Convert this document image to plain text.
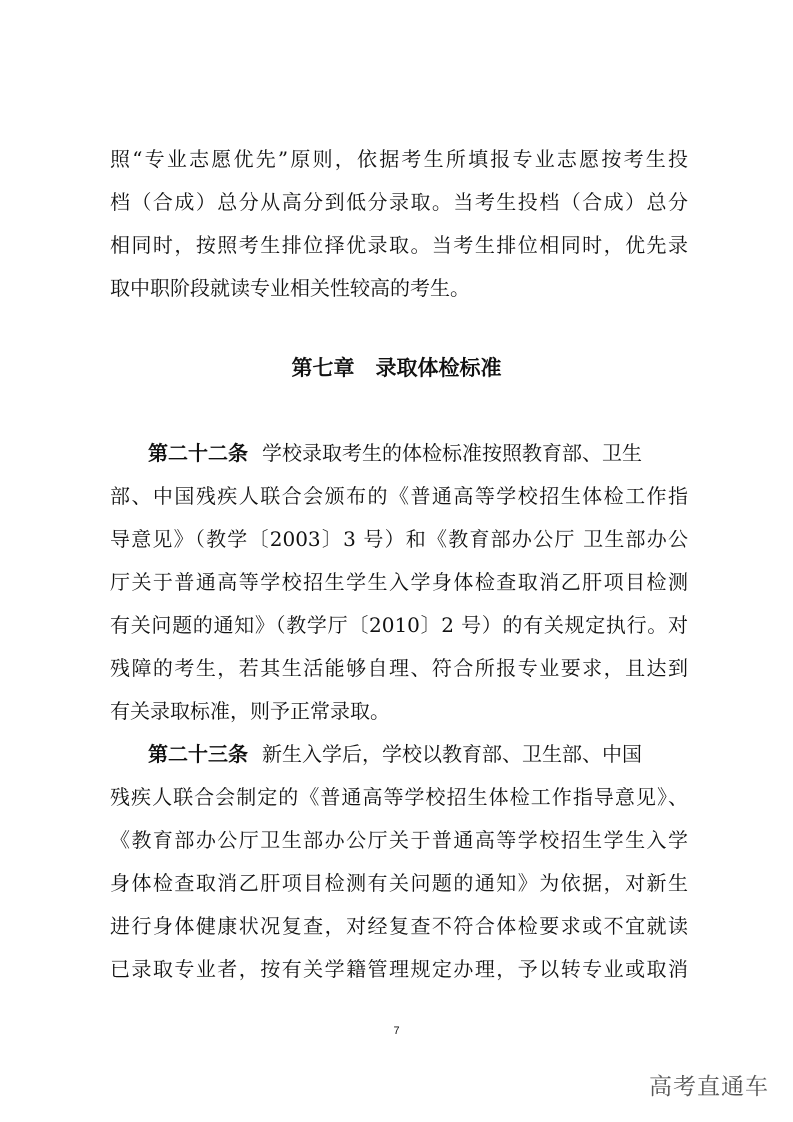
照“专业志愿优先”原则，依据考生所填报专业志愿按考生投
档（合成）总分从高分到低分录取。当考生投档（合成）总分
相同时，按照考生排位择优录取。当考生排位相同时，优先录
取中职阶段就读专业相关性较高的考生。
第七章　录取体检标准
第二十二条 学校录取考生的体检标准按照教育部、卫生
部、中国残疾人联合会颁布的《普通高等学校招生体检工作指
导意见》（教学〔2003〕3 号）和《教育部办公厅 卫生部办公
厅关于普通高等学校招生学生入学身体检查取消乙肝项目检测
有关问题的通知》（教学厅〔2010〕2 号）的有关规定执行。对
残障的考生，若其生活能够自理、符合所报专业要求，且达到
有关录取标准，则予正常录取。
第二十三条 新生入学后，学校以教育部、卫生部、中国
残疾人联合会制定的《普通高等学校招生体检工作指导意见》、
《教育部办公厅卫生部办公厅关于普通高等学校招生学生入学
身体检查取消乙肝项目检测有关问题的通知》为依据，对新生
进行身体健康状况复查，对经复查不符合体检要求或不宜就读
已录取专业者，按有关学籍管理规定办理，予以转专业或取消
7
高考直通车
